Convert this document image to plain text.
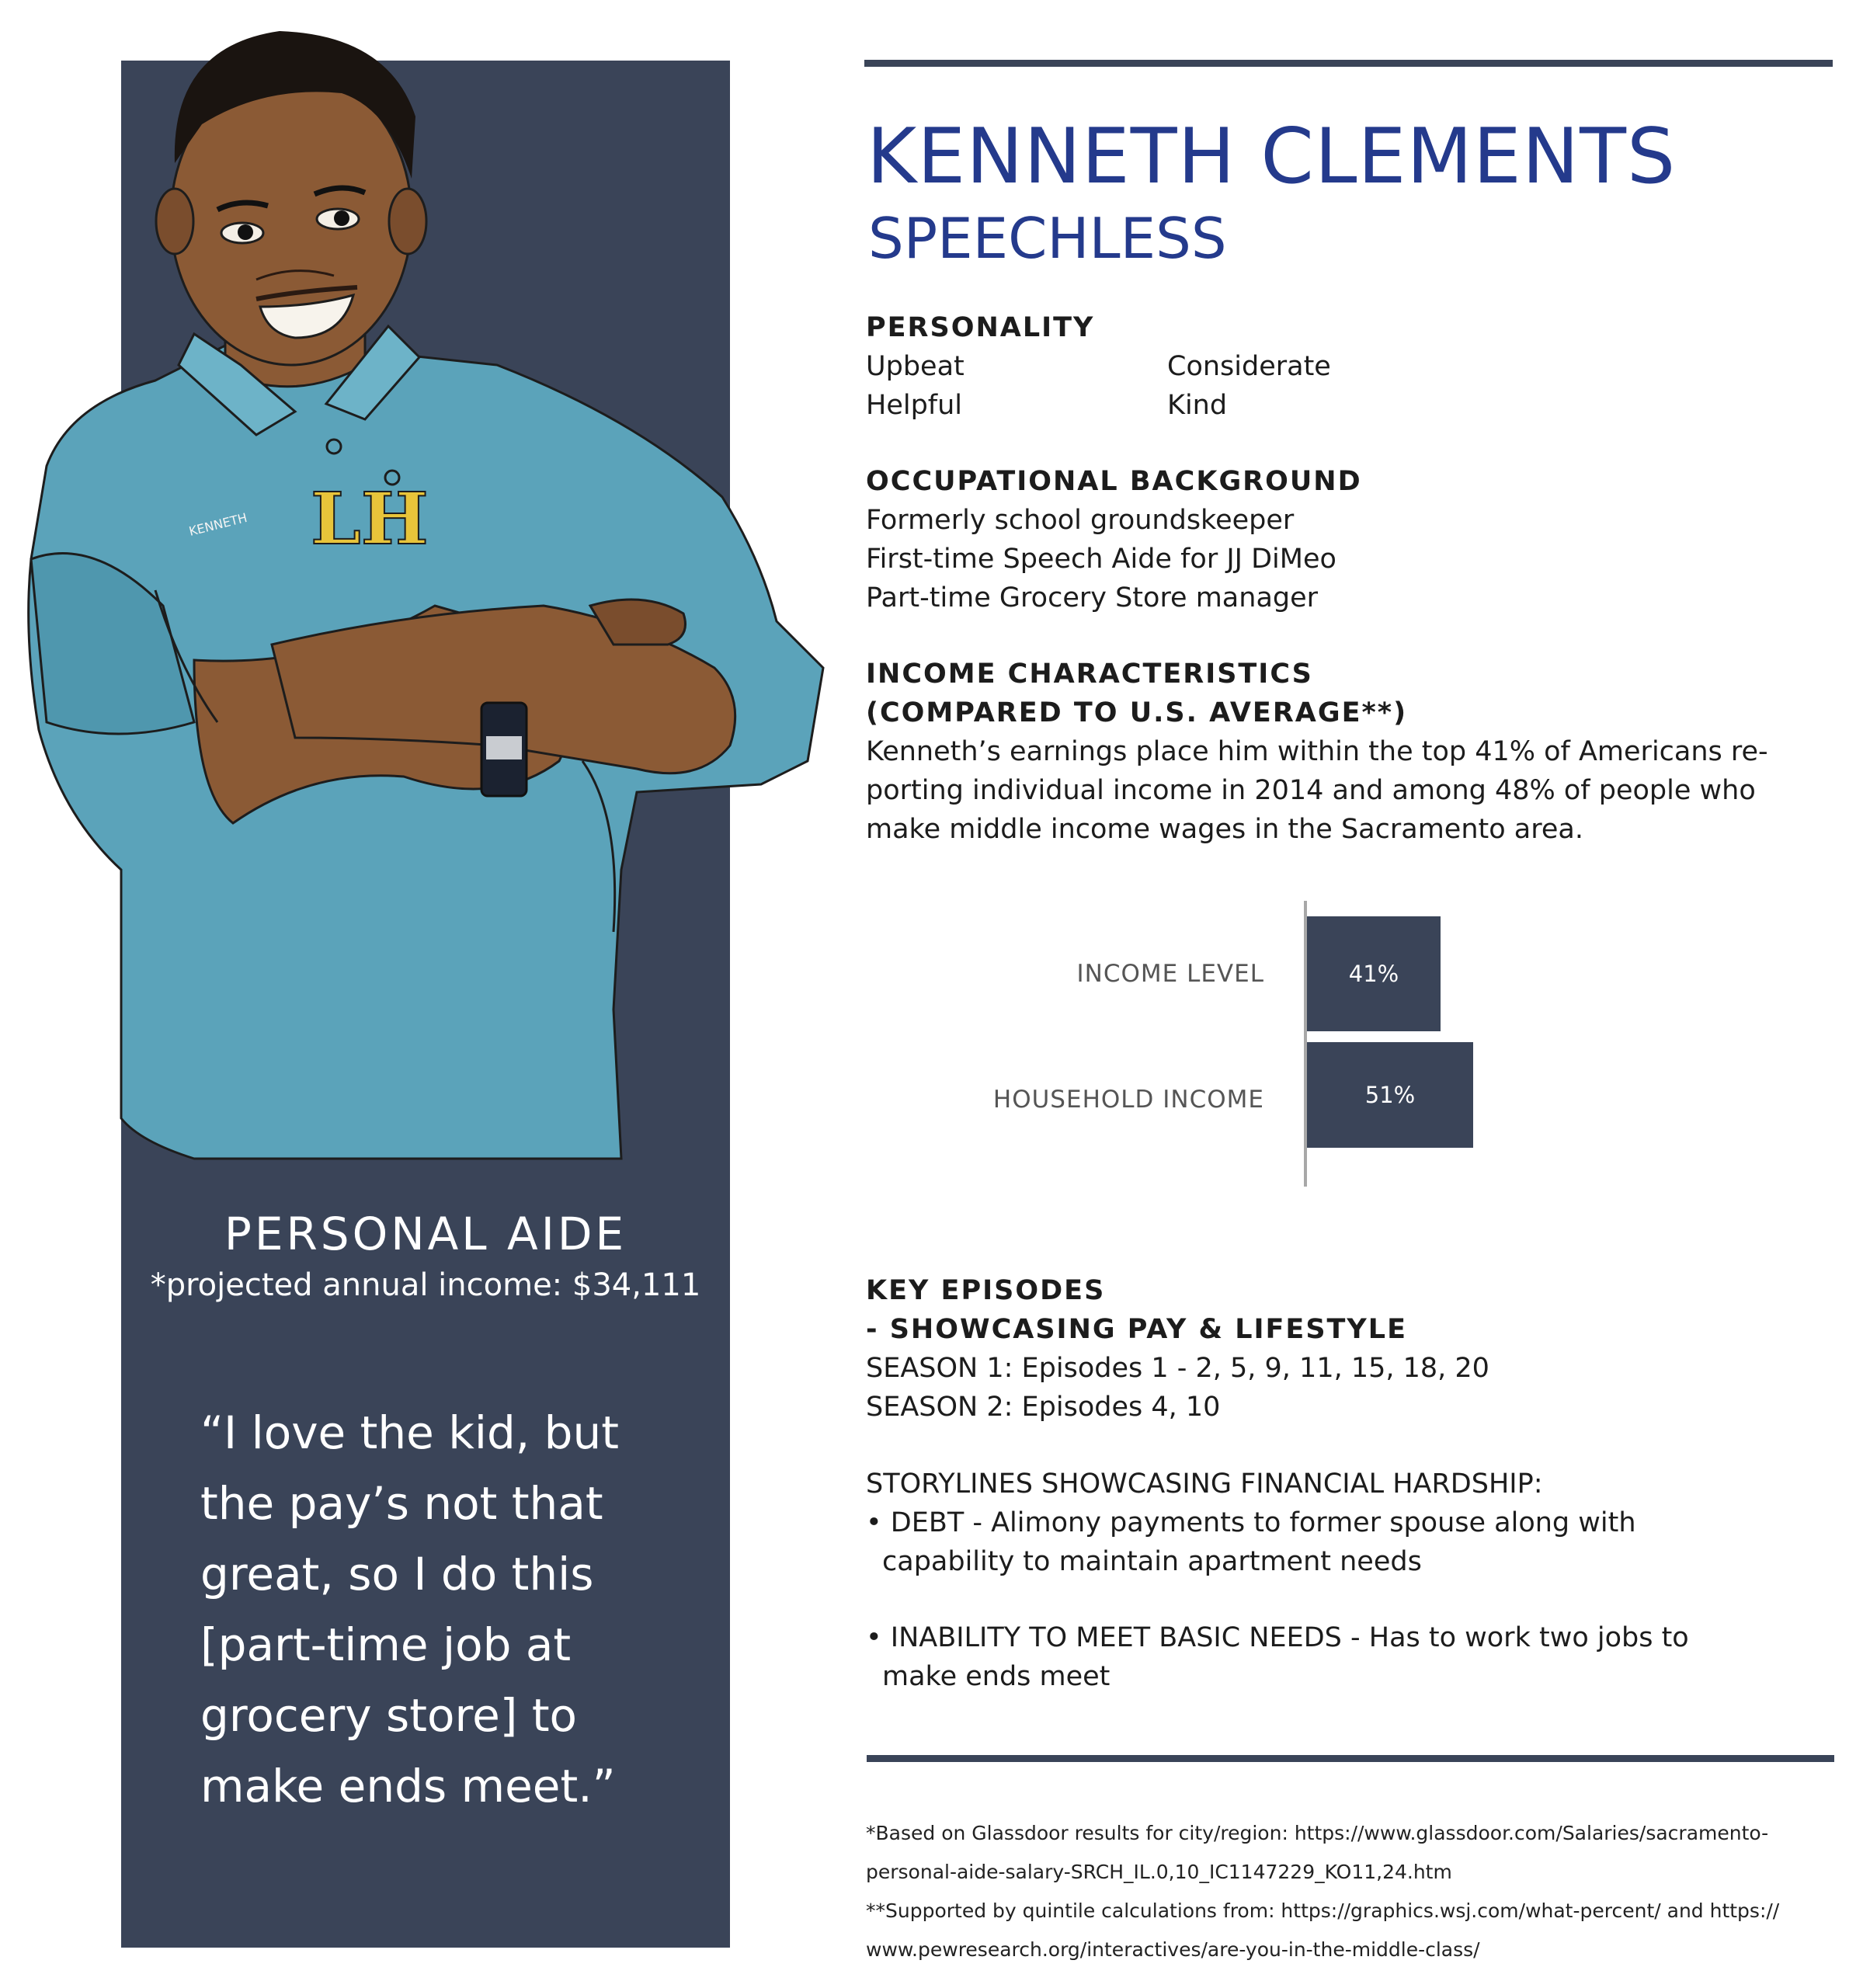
KENNETH LH
PERSONAL AIDE
*projected annual income: $34,111
“I love the kid, but
the pay’s not that
great, so I do this
[part-time job at
grocery store] to
make ends meet.”
KENNETH CLEMENTS
SPEECHLESS
PERSONALITY
Upbeat
Helpful
Considerate
Kind
OCCUPATIONAL BACKGROUND
Formerly school groundskeeper
First-time Speech Aide for JJ DiMeo
Part-time Grocery Store manager
INCOME CHARACTERISTICS
(COMPARED TO U.S. AVERAGE**)
Kenneth’s earnings place him within the top 41% of Americans re-
porting individual income in 2014 and among 48% of people who
make middle income wages in the Sacramento area.
INCOME LEVEL
HOUSEHOLD INCOME
41%
51%
KEY EPISODES
- SHOWCASING PAY & LIFESTYLE
SEASON 1: Episodes 1 - 2, 5, 9, 11, 15, 18, 20
SEASON 2: Episodes 4, 10
STORYLINES SHOWCASING FINANCIAL HARDSHIP:
• DEBT - Alimony payments to former spouse along with
capability to maintain apartment needs
• INABILITY TO MEET BASIC NEEDS - Has to work two jobs to
make ends meet
*Based on Glassdoor results for city/region: https://www.glassdoor.com/Salaries/sacramento-
personal-aide-salary-SRCH_IL.0,10_IC1147229_KO11,24.htm
**Supported by quintile calculations from: https://graphics.wsj.com/what-percent/ and https://
www.pewresearch.org/interactives/are-you-in-the-middle-class/
